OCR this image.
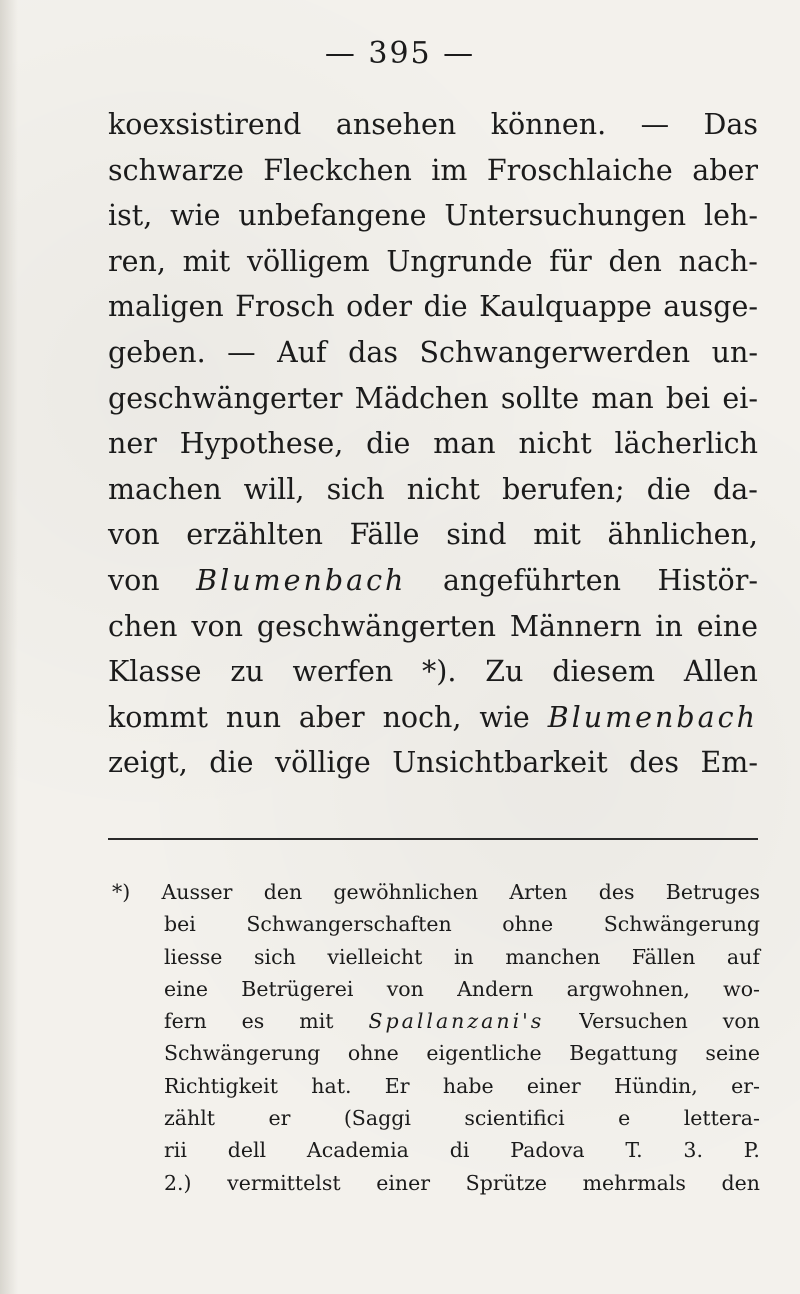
— 395 —
koexsistirend ansehen können. — Das
schwarze Fleckchen im Froschlaiche aber
ist, wie unbefangene Untersuchungen leh-
ren, mit völligem Ungrunde für den nach-
maligen Frosch oder die Kaulquappe ausge-
geben. — Auf das Schwangerwerden un-
geschwängerter Mädchen sollte man bei ei-
ner Hypothese, die man nicht lächerlich
machen will, sich nicht berufen; die da-
von erzählten Fälle sind mit ähnlichen,
von Blumenbach angeführten Histör-
chen von geschwängerten Männern in eine
Klasse zu werfen *). Zu diesem Allen
kommt nun aber noch, wie Blumenbach
zeigt, die völlige Unsichtbarkeit des Em-
*) Ausser den gewöhnlichen Arten des Betruges
bei Schwangerschaften ohne Schwängerung
liesse sich vielleicht in manchen Fällen auf
eine Betrügerei von Andern argwohnen, wo-
fern es mit Spallanzani's Versuchen von
Schwängerung ohne eigentliche Begattung seine
Richtigkeit hat. Er habe einer Hündin, er-
zählt	er	(Saggi	scientifici	e	lettera-
rii dell Academia di Padova T. 3. P.
2.) vermittelst einer Sprütze mehrmals den
